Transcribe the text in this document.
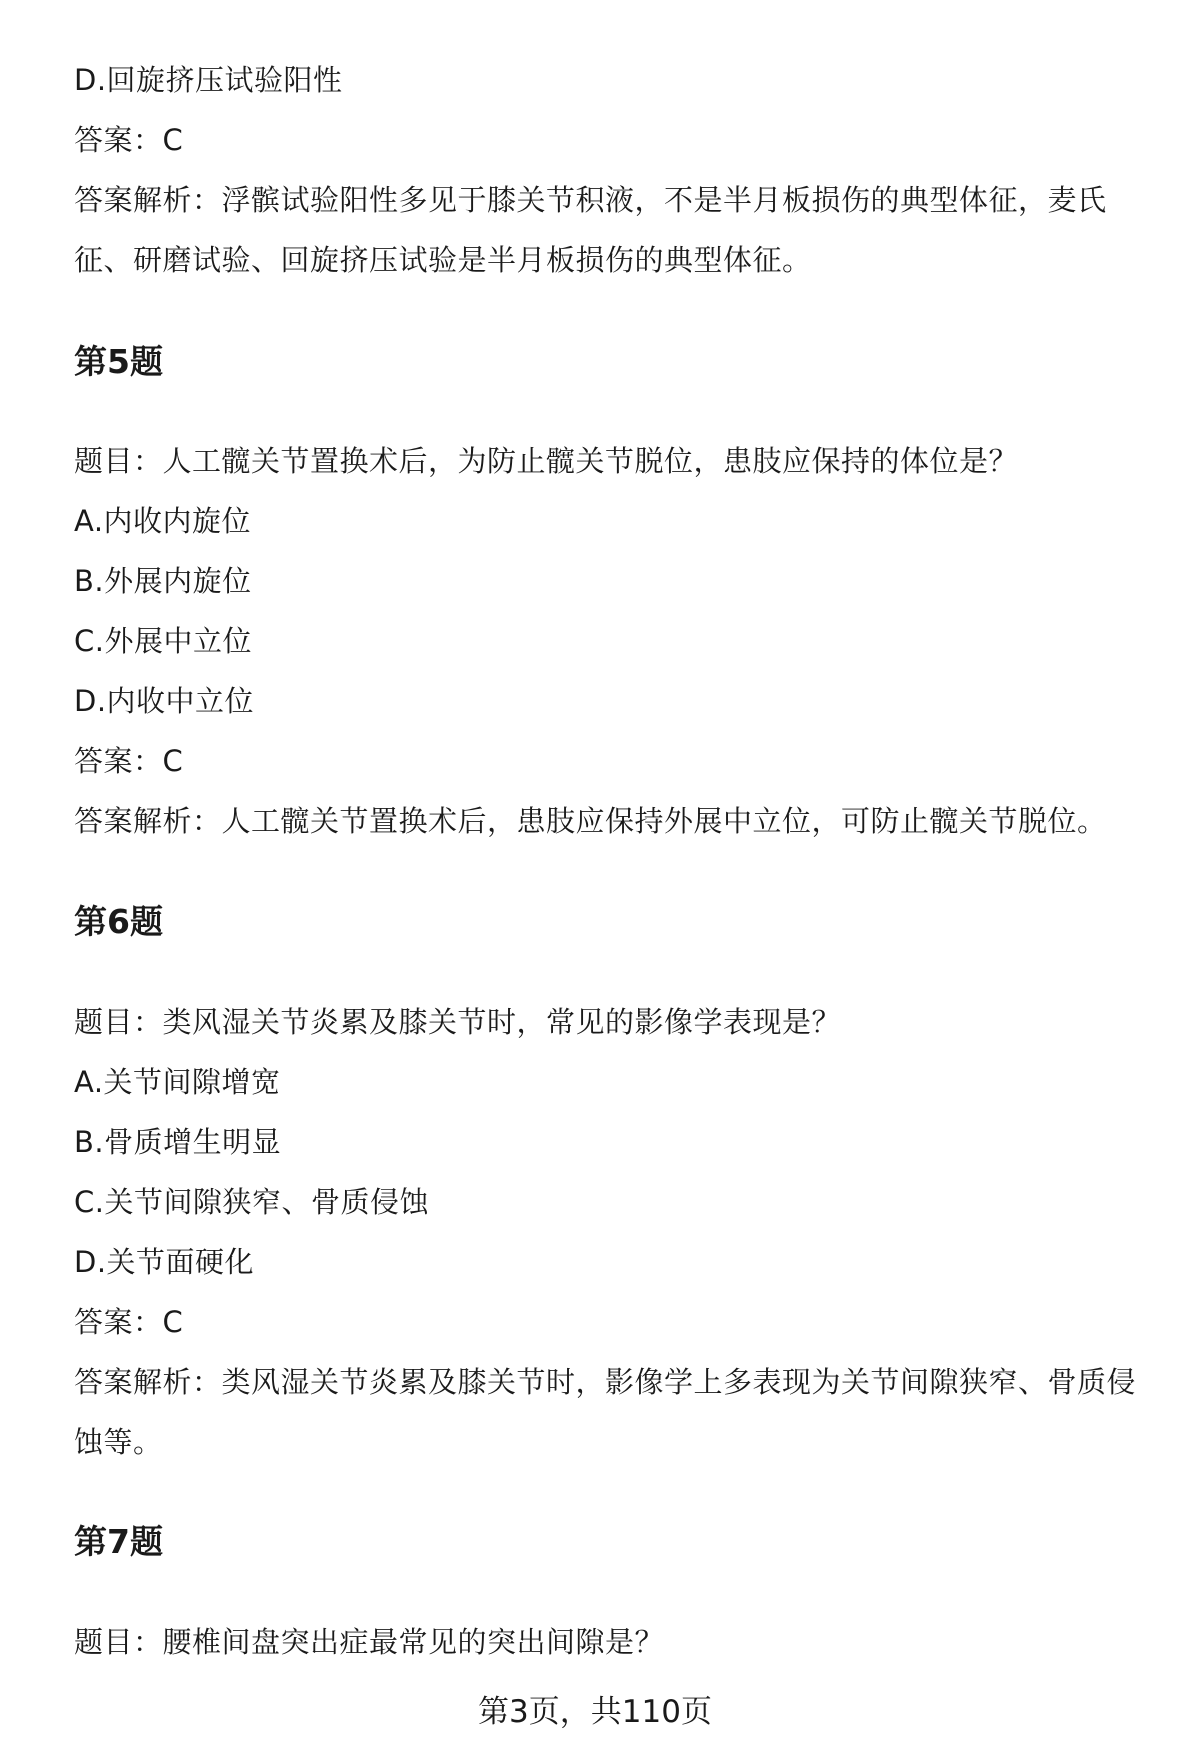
D.回旋挤压试验阳性
答案：C
答案解析：浮髌试验阳性多见于膝关节积液，不是半月板损伤的典型体征，麦氏
征、研磨试验、回旋挤压试验是半月板损伤的典型体征。
第5题
题目：人工髋关节置换术后，为防止髋关节脱位，患肢应保持的体位是？
A.内收内旋位
B.外展内旋位
C.外展中立位
D.内收中立位
答案：C
答案解析：人工髋关节置换术后，患肢应保持外展中立位，可防止髋关节脱位。
第6题
题目：类风湿关节炎累及膝关节时，常见的影像学表现是？
A.关节间隙增宽
B.骨质增生明显
C.关节间隙狭窄、骨质侵蚀
D.关节面硬化
答案：C
答案解析：类风湿关节炎累及膝关节时，影像学上多表现为关节间隙狭窄、骨质侵
蚀等。
第7题
题目：腰椎间盘突出症最常见的突出间隙是？
第3页，共110页
